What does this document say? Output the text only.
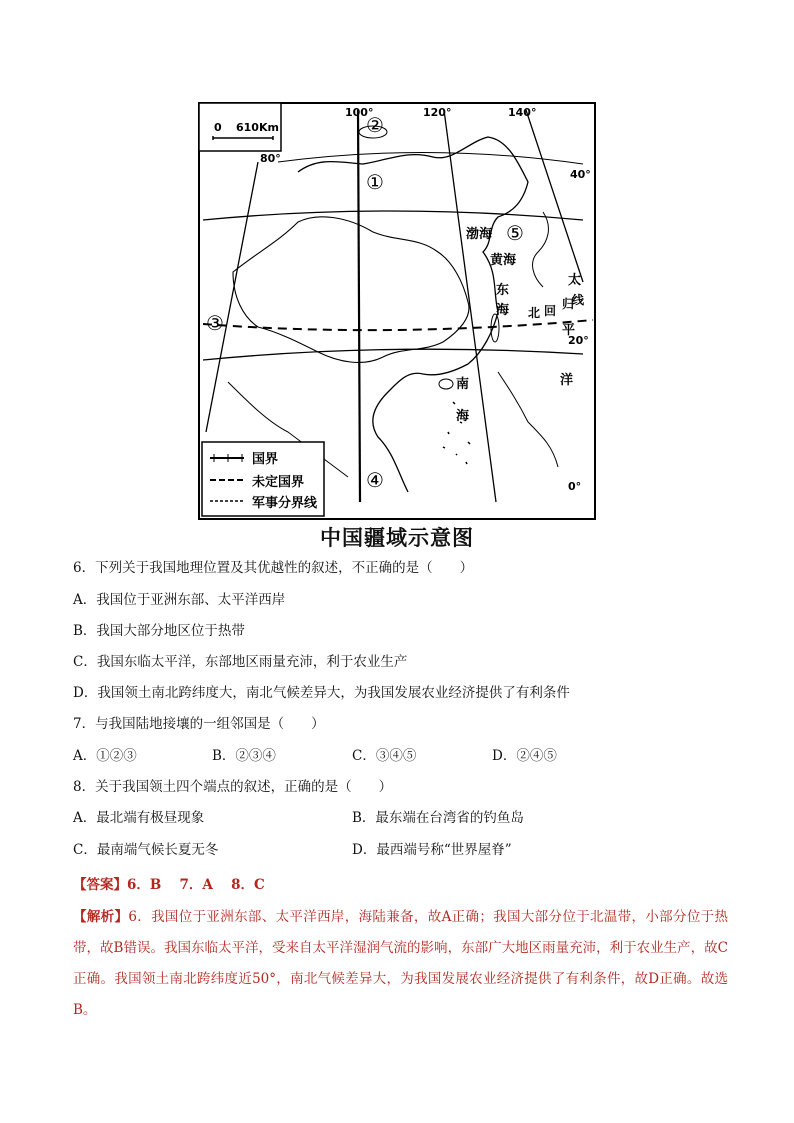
0 610Km
100°	120°	140°
80°
40°
20°
0°
②
①
③
④
⑤
渤海
黄海
东
海
南
海
太
平
洋
北 回 归
线
国界
未定国界
军事分界线
中国疆域示意图
6．下列关于我国地理位置及其优越性的叙述，不正确的是（　　）
A．我国位于亚洲东部、太平洋西岸
B．我国大部分地区位于热带
C．我国东临太平洋，东部地区雨量充沛，利于农业生产
D．我国领土南北跨纬度大，南北气候差异大，为我国发展农业经济提供了有利条件
7．与我国陆地接壤的一组邻国是（　　）
A．①②③	B．②③④	C．③④⑤	D．②④⑤
8．关于我国领土四个端点的叙述，正确的是（　　）
A．最北端有极昼现象	B．最东端在台湾省的钓鱼岛
C．最南端气候长夏无冬	D．最西端号称“世界屋脊”
【答案】6．B　 7．A　 8．C
【解析】6．我国位于亚洲东部、太平洋西岸，海陆兼备，故A正确；我国大部分位于北温带，小部分位于热带，故B错误。我国东临太平洋，受来自太平洋湿润气流的影响，东部广大地区雨量充沛，利于农业生产，故C正确。我国领土南北跨纬度近50°，南北气候差异大，为我国发展农业经济提供了有利条件，故D正确。故选B。
